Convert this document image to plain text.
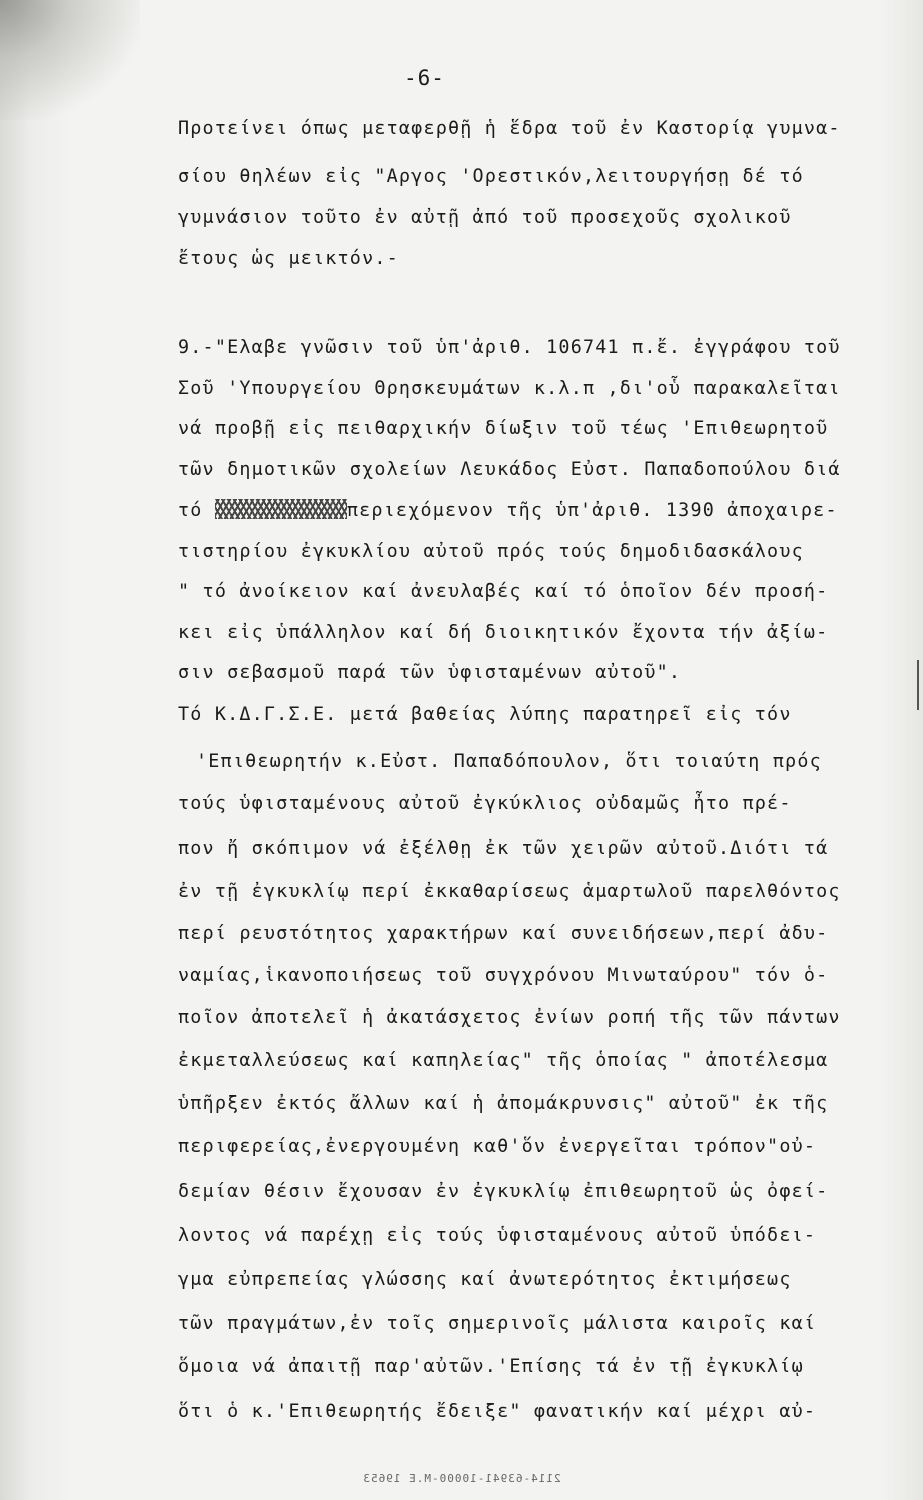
-6-
Προτείνει όπως μεταφερθῇ ἡ ἕδρα τοῦ ἐν Καστορίᾳ γυμνα-
σίου θηλέων εἰς "Αργος 'Ορεστικόν,λειτουργήσῃ δέ τό
γυμνάσιον τοῦτο ἐν αὐτῇ ἀπό τοῦ προσεχοῦς σχολικοῦ
ἔτους ὡς μεικτόν.-
9.-"Ελαβε γνῶσιν τοῦ ὑπ'ἀριθ. 106741 π.ἔ. ἐγγράφου τοῦ
Σοῦ 'Υπουργείου Θρησκευμάτων κ.λ.π ,δι'οὗ παρακαλεῖται
νά προβῇ εἰς πειθαρχικήν δίωξιν τοῦ τέως 'Επιθεωρητοῦ
τῶν δημοτικῶν σχολείων Λευκάδος Εὐστ. Παπαδοπούλου διά
τό	περιεχόμενον τῆς ὑπ'ἀριθ. 1390 ἀποχαιρε-
τιστηρίου ἐγκυκλίου αὐτοῦ πρός τούς δημοδιδασκάλους
" τό ἀνοίκειον καί ἀνευλαβές καί τό ὁποῖον δέν προσή-
κει εἰς ὑπάλληλον καί δή διοικητικόν ἔχοντα τήν ἀξίω-
σιν σεβασμοῦ παρά τῶν ὑφισταμένων αὐτοῦ".
Τό Κ.Δ.Γ.Σ.Ε. μετά βαθείας λύπης παρατηρεῖ εἰς τόν
'Επιθεωρητήν κ.Εὐστ. Παπαδόπουλον, ὅτι τοιαύτη πρός
τούς ὑφισταμένους αὐτοῦ ἐγκύκλιος οὐδαμῶς ἦτο πρέ-
πον ἤ σκόπιμον νά ἐξέλθῃ ἐκ τῶν χειρῶν αὐτοῦ.Διότι τά
ἐν τῇ ἐγκυκλίῳ περί ἐκκαθαρίσεως ἁμαρτωλοῦ παρελθόντος
περί ρευστότητος χαρακτήρων καί συνειδήσεων,περί ἀδυ-
ναμίας,ἱκανοποιήσεως τοῦ συγχρόνου Μινωταύρου" τόν ὁ-
ποῖον ἀποτελεῖ ἡ ἀκατάσχετος ἐνίων ροπή τῆς τῶν πάντων
ἐκμεταλλεύσεως καί καπηλείας" τῆς ὁποίας " ἀποτέλεσμα
ὑπῆρξεν ἐκτός ἄλλων καί ἡ ἀπομάκρυνσις" αὐτοῦ" ἐκ τῆς
περιφερείας,ἐνεργουμένη καθ'ὅν ἐνεργεῖται τρόπον"οὐ-
δεμίαν θέσιν ἔχουσαν ἐν ἐγκυκλίῳ ἐπιθεωρητοῦ ὡς ὀφεί-
λοντος νά παρέχῃ εἰς τούς ὑφισταμένους αὐτοῦ ὑπόδει-
γμα εὐπρεπείας γλώσσης καί ἀνωτερότητος ἐκτιμήσεως
τῶν πραγμάτων,ἐν τοῖς σημερινοῖς μάλιστα καιροῖς καί
ὅμοια νά ἀπαιτῇ παρ'αὐτῶν.'Επίσης τά ἐν τῇ ἐγκυκλίῳ
ὅτι ὁ κ.'Επιθεωρητής ἔδειξε" φανατικήν καί μέχρι αὐ-
2114-63941-10000-Μ.Ε 19653
